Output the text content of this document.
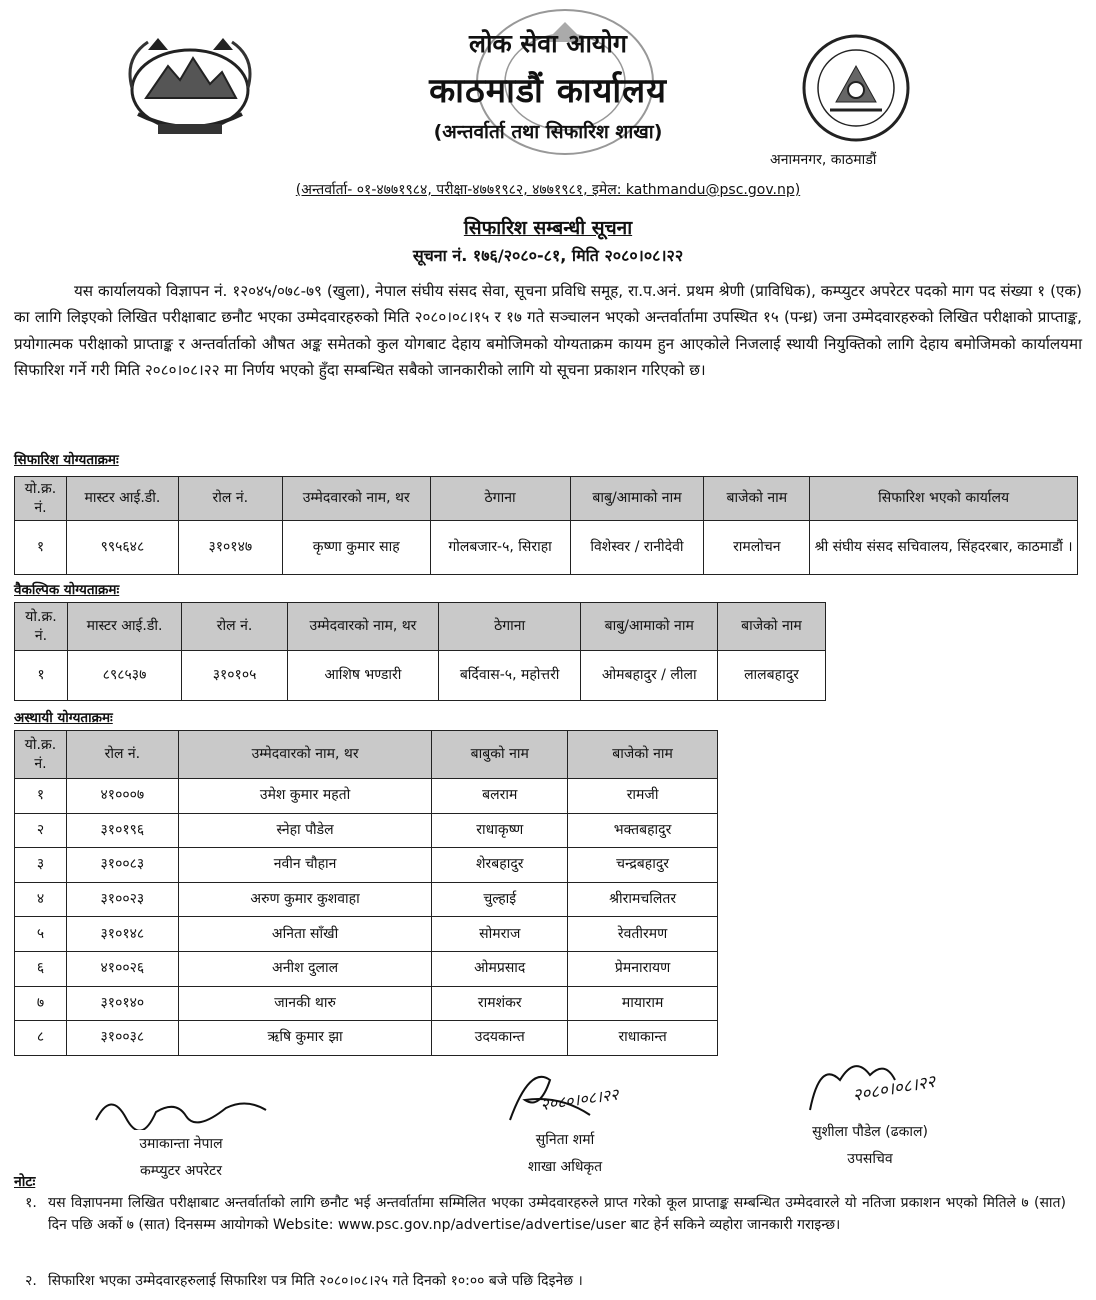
लोक सेवा आयोग
काठमाडौं कार्यालय
(अन्तर्वार्ता तथा सिफारिश शाखा)
अनामनगर, काठमाडौं
(अन्तर्वार्ता- ०१-४७७१९८४, परीक्षा-४७७१९८२, ४७७१९८१, इमेल: kathmandu@psc.gov.np)
सिफारिश सम्बन्धी सूचना
सूचना नं. १७६/२०८०-८१, मिति २०८०।०८।२२

यस कार्यालयको विज्ञापन नं. १२०४५/०७८-७९ (खुला), नेपाल संघीय संसद सेवा, सूचना प्रविधि समूह, रा.प.अनं. प्रथम श्रेणी (प्राविधिक), कम्प्युटर अपरेटर पदको माग पद संख्या १ (एक) का लागि लिइएको लिखित परीक्षाबाट छनौट भएका उम्मेदवारहरुको मिति २०८०।०८।१५ र १७ गते सञ्चालन भएको अन्तर्वार्तामा उपस्थित १५ (पन्ध्र) जना उम्मेदवारहरुको लिखित परीक्षाको प्राप्ताङ्क, प्रयोगात्मक परीक्षाको प्राप्ताङ्क र अन्तर्वार्ताको औषत अङ्क समेतको कुल योगबाट देहाय बमोजिमको योग्यताक्रम कायम हुन आएकोले निजलाई स्थायी नियुक्तिको लागि देहाय बमोजिमको कार्यालयमा सिफारिश गर्ने गरी मिति २०८०।०८।२२ मा निर्णय भएको हुँदा सम्बन्धित सबैको जानकारीको लागि यो सूचना प्रकाशन गरिएको छ।

सिफारिश योग्यताक्रमः
यो.क्र. नं.	मास्टर आई.डी.	रोल नं.	उम्मेदवारको नाम, थर	ठेगाना	बाबु/आमाको नाम	बाजेको नाम	सिफारिश भएको कार्यालय
१	९९५६४८	३१०१४७	कृष्णा कुमार साह	गोलबजार-५, सिराहा	विशेस्वर / रानीदेवी	रामलोचन	श्री संघीय संसद सचिवालय, सिंहदरबार, काठमाडौं ।
वैकल्पिक योग्यताक्रमः
यो.क्र. नं.	मास्टर आई.डी.	रोल नं.	उम्मेदवारको नाम, थर	ठेगाना	बाबु/आमाको नाम	बाजेको नाम
१	८९८५३७	३१०१०५	आशिष भण्डारी	बर्दिवास-५, महोत्तरी	ओमबहादुर / लीला	लालबहादुर
अस्थायी योग्यताक्रमः
यो.क्र. नं.	रोल नं.	उम्मेदवारको नाम, थर	बाबुको नाम	बाजेको नाम
१	४१०००७	उमेश कुमार महतो	बलराम	रामजी
२	३१०१९६	स्नेहा पौडेल	राधाकृष्ण	भक्तबहादुर
३	३१००८३	नवीन चौहान	शेरबहादुर	चन्द्रबहादुर
४	३१००२३	अरुण कुमार कुशवाहा	चुल्हाई	श्रीरामचलितर
५	३१०१४८	अनिता साँखी	सोमराज	रेवतीरमण
६	४१००२६	अनीश दुलाल	ओमप्रसाद	प्रेमनारायण
७	३१०१४०	जानकी थारु	रामशंकर	मायाराम
८	३१००३८	ऋषि कुमार झा	उदयकान्त	राधाकान्त
उमाकान्ता नेपाल
कम्प्युटर अपरेटर
२०८०।०८।२२
सुनिता शर्मा
शाखा अधिकृत
२०८०।०८।२२
सुशीला पौडेल (ढकाल)
उपसचिव
नोटः
१. यस विज्ञापनमा लिखित परीक्षाबाट अन्तर्वार्ताको लागि छनौट भई अन्तर्वार्तामा सम्मिलित भएका उम्मेदवारहरुले प्राप्त गरेको कूल प्राप्ताङ्क सम्बन्धित उम्मेदवारले यो नतिजा प्रकाशन भएको मितिले ७ (सात) दिन पछि अर्को ७ (सात) दिनसम्म आयोगको Website: www.psc.gov.np/advertise/advertise/user बाट हेर्न सकिने व्यहोरा जानकारी गराइन्छ।
२. सिफारिश भएका उम्मेदवारहरुलाई सिफारिश पत्र मिति २०८०।०८।२५ गते दिनको १०:०० बजे पछि दिइनेछ ।
